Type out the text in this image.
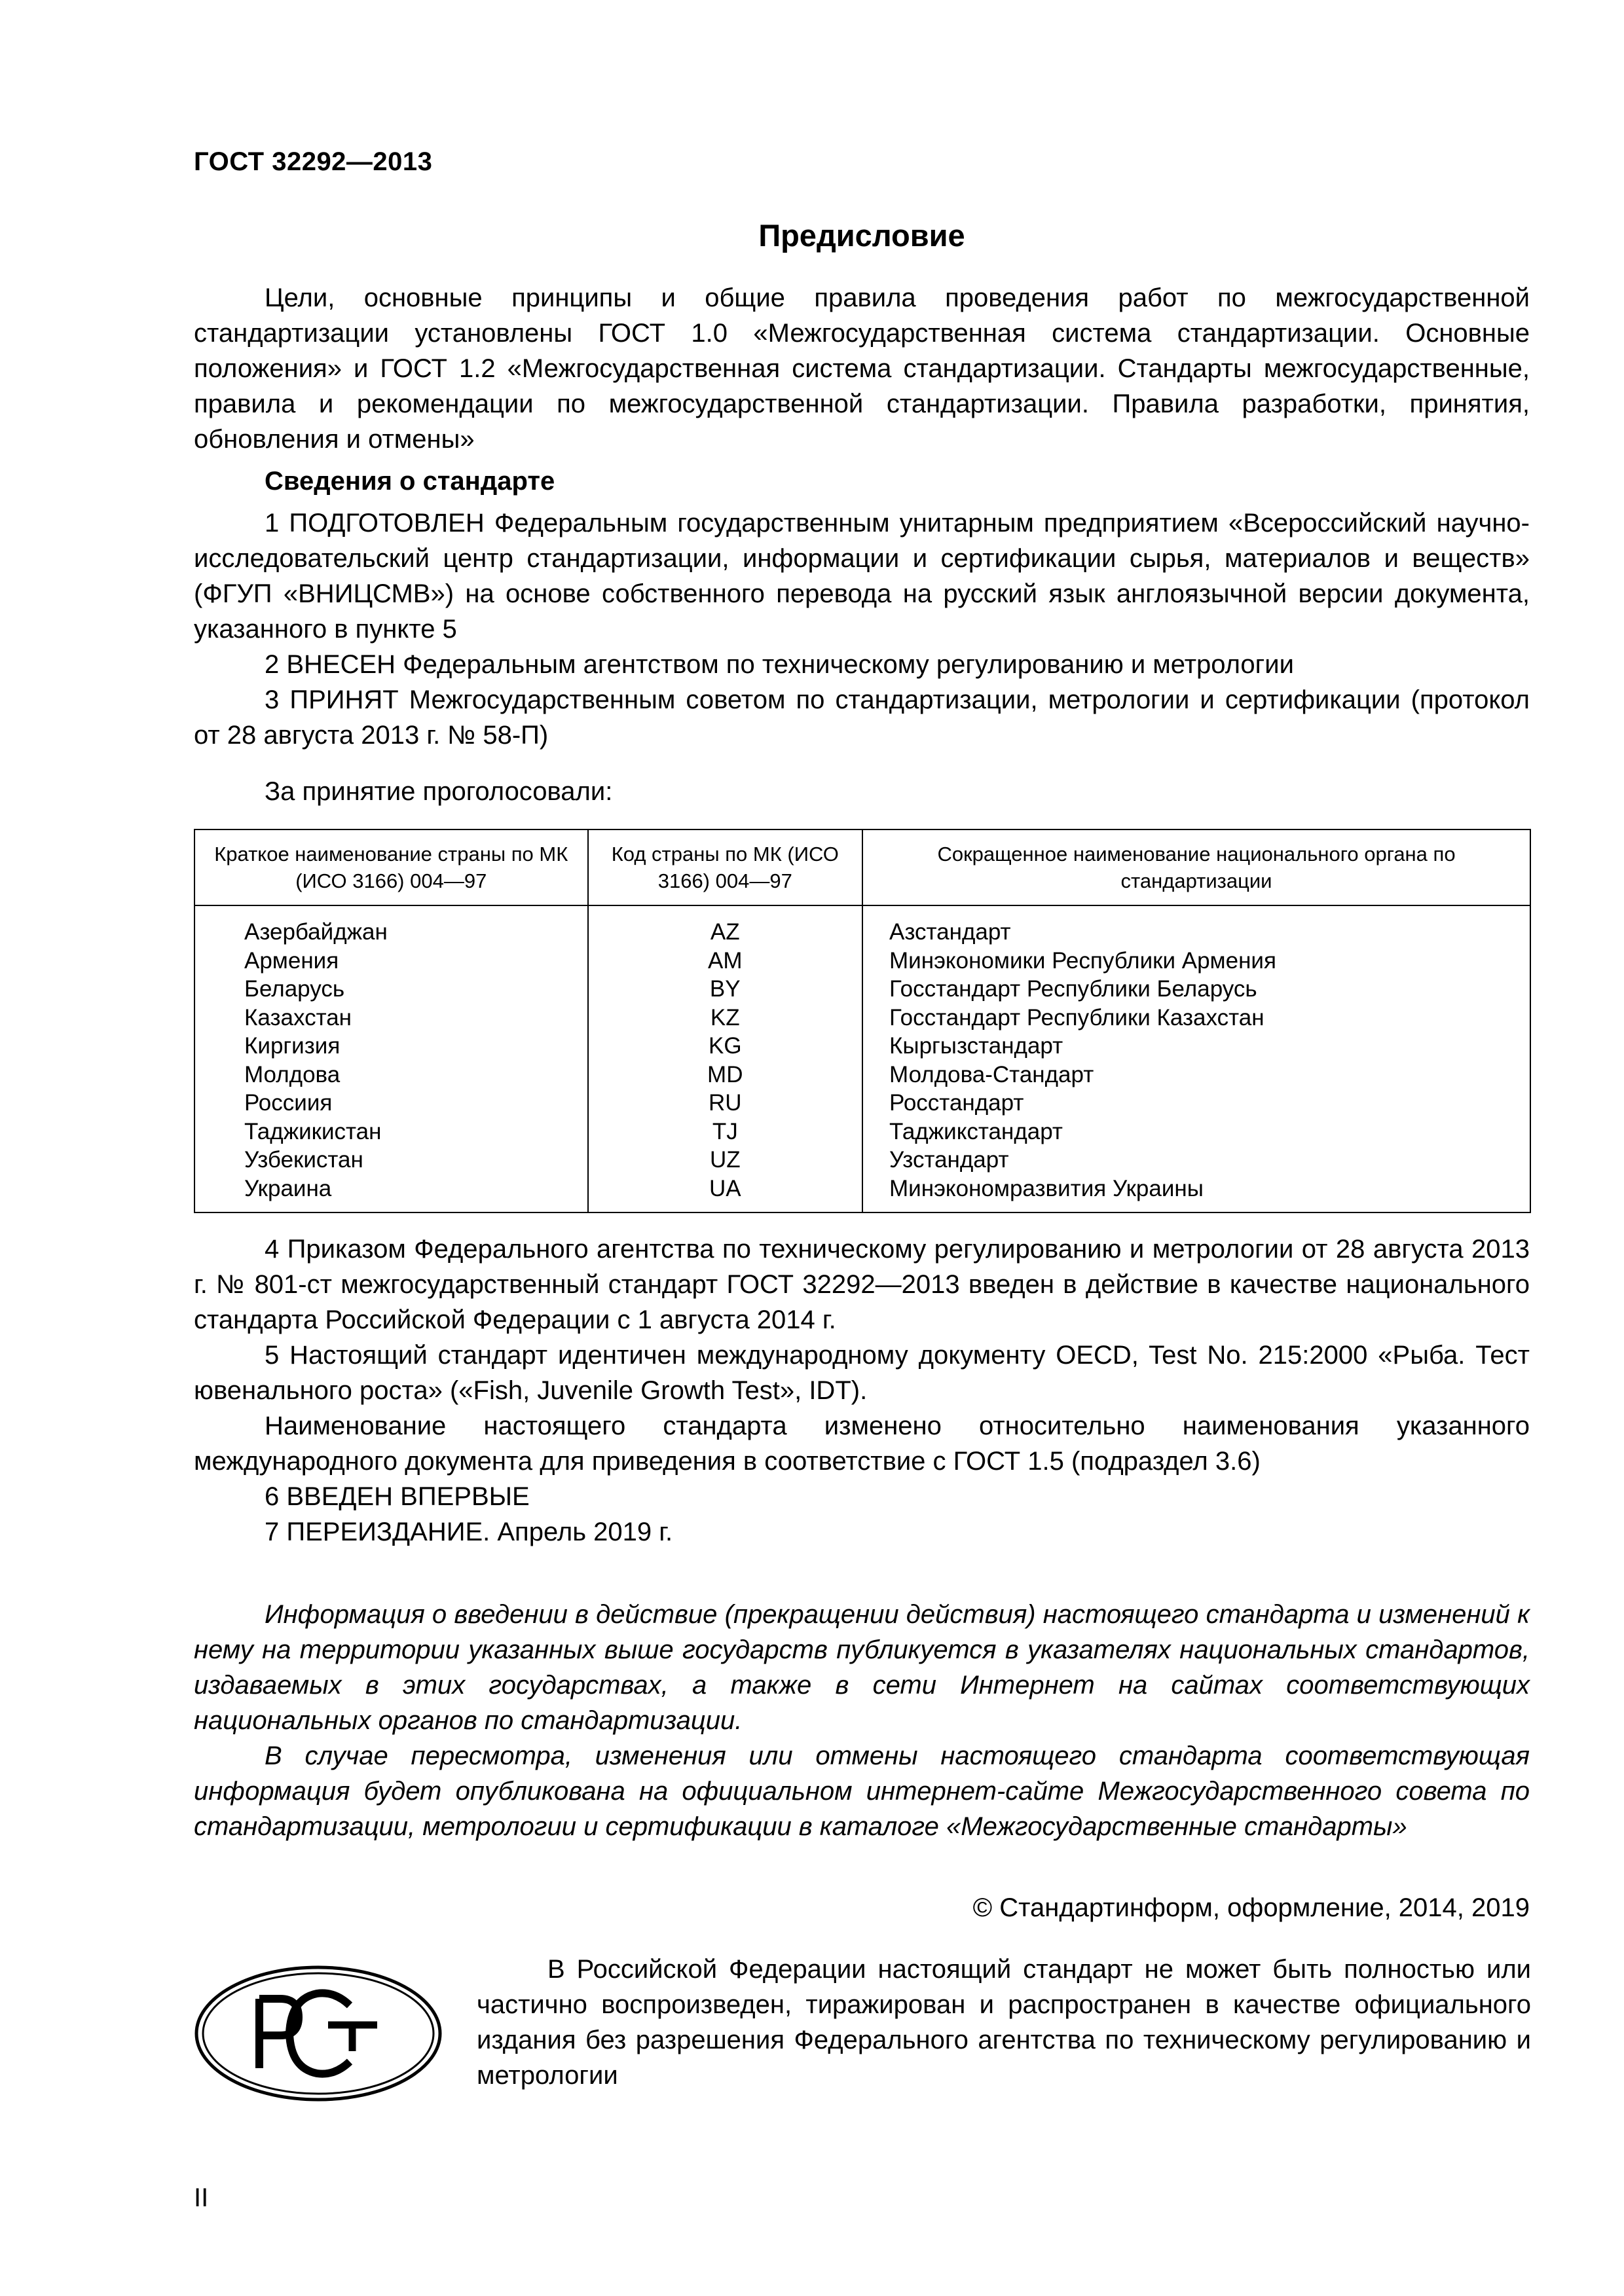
ГОСТ 32292—2013

Предисловие

Цели, основные принципы и общие правила проведения работ по межгосударственной стандартизации установлены ГОСТ 1.0 «Межгосударственная система стандартизации. Основные положения» и ГОСТ 1.2 «Межгосударственная система стандартизации. Стандарты межгосударственные, правила и рекомендации по межгосударственной стандартизации. Правила разработки, принятия, обновления и отмены»

Сведения о стандарте

1 ПОДГОТОВЛЕН Федеральным государственным унитарным предприятием «Всероссийский научно-исследовательский центр стандартизации, информации и сертификации сырья, материалов и веществ» (ФГУП «ВНИЦСМВ») на основе собственного перевода на русский язык англоязычной версии документа, указанного в пункте 5

2 ВНЕСЕН Федеральным агентством по техническому регулированию и метрологии

3 ПРИНЯТ Межгосударственным советом по стандартизации, метрологии и сертификации (протокол от 28 августа 2013 г. № 58-П)

За принятие проголосовали:

Краткое наименование страны по МК (ИСО 3166) 004—97	Код страны по МК (ИСО 3166) 004—97	Сокращенное наименование национального органа по стандартизации
Азербайджан	AZ	Азстандарт
Армения	AM	Минэкономики Республики Армения
Беларусь	BY	Госстандарт Республики Беларусь
Казахстан	KZ	Госстандарт Республики Казахстан
Киргизия	KG	Кыргызстандарт
Молдова	MD	Молдова-Стандарт
Россиия	RU	Росстандарт
Таджикистан	TJ	Таджикстандарт
Узбекистан	UZ	Узстандарт
Украина	UA	Минэкономразвития Украины

4 Приказом Федерального агентства по техническому регулированию и метрологии от 28 августа 2013 г. № 801-ст межгосударственный стандарт ГОСТ 32292—2013 введен в действие в качестве национального стандарта Российской Федерации с 1 августа 2014 г.

5 Настоящий стандарт идентичен международному документу OECD, Test No. 215:2000 «Рыба. Тест ювенального роста» («Fish, Juvenile Growth Test», IDT).

Наименование настоящего стандарта изменено относительно наименования указанного международного документа для приведения в соответствие с ГОСТ 1.5 (подраздел 3.6)

6 ВВЕДЕН ВПЕРВЫЕ

7 ПЕРЕИЗДАНИЕ. Апрель 2019 г.

Информация о введении в действие (прекращении действия) настоящего стандарта и изменений к нему на территории указанных выше государств публикуется в указателях национальных стандартов, издаваемых в этих государствах, а также в сети Интернет на сайтах соответствующих национальных органов по стандартизации.

В случае пересмотра, изменения или отмены настоящего стандарта соответствующая информация будет опубликована на официальном интернет-сайте Межгосударственного совета по стандартизации, метрологии и сертификации в каталоге «Межгосударственные стандарты»

© Стандартинформ, оформление, 2014, 2019

В Российской Федерации настоящий стандарт не может быть полностью или частично воспроизведен, тиражирован и распространен в качестве официального издания без разрешения Федерального агентства по техническому регулированию и метрологии

II
